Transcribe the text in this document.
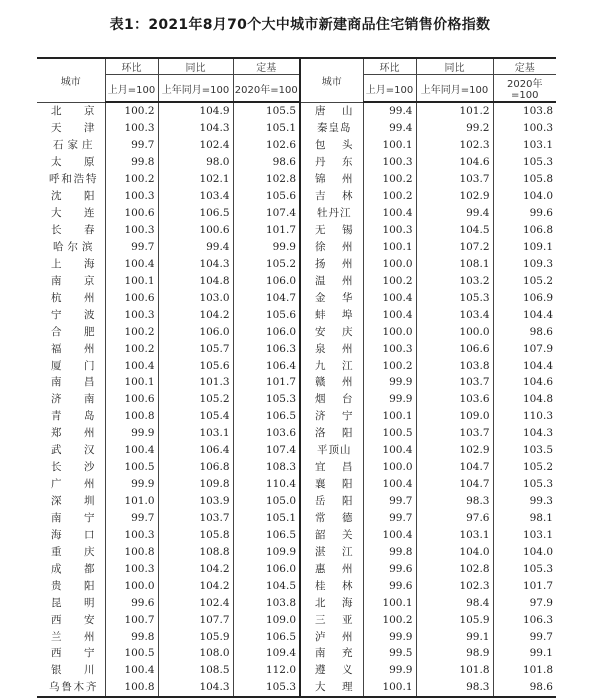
表1：2021年8月70个大中城市新建商品住宅销售价格指数
城市	环比	同比	定基	城市	环比	同比	定基
	上月=100	上年同月=100	2020年=100		上月=100	上年同月=100	2020年=100
北京	100.2	104.9	105.5	唐山	99.4	101.2	103.8
天津	100.3	104.3	105.1	秦皇岛	99.4	99.2	100.3
石家庄	99.7	102.4	102.6	包头	100.1	102.3	103.1
太原	99.8	98.0	98.6	丹东	100.3	104.6	105.3
呼和浩特	100.2	102.1	102.8	锦州	100.2	103.7	105.8
沈阳	100.3	103.4	105.6	吉林	100.2	102.9	104.0
大连	100.6	106.5	107.4	牡丹江	100.4	99.4	99.6
长春	100.3	100.6	101.7	无锡	100.3	104.5	106.8
哈尔滨	99.7	99.4	99.9	徐州	100.1	107.2	109.1
上海	100.4	104.3	105.2	扬州	100.0	108.1	109.3
南京	100.1	104.8	106.0	温州	100.2	103.2	105.2
杭州	100.6	103.0	104.7	金华	100.4	105.3	106.9
宁波	100.3	104.2	105.6	蚌埠	100.4	103.4	104.4
合肥	100.2	106.0	106.0	安庆	100.0	100.0	98.6
福州	100.2	105.7	106.3	泉州	100.3	106.6	107.9
厦门	100.4	105.6	106.4	九江	100.2	103.8	104.4
南昌	100.1	101.3	101.7	赣州	99.9	103.7	104.6
济南	100.6	105.2	105.3	烟台	99.9	103.6	104.8
青岛	100.8	105.4	106.5	济宁	100.1	109.0	110.3
郑州	99.9	103.1	103.6	洛阳	100.5	103.7	104.3
武汉	100.4	106.4	107.4	平顶山	100.4	102.9	103.5
长沙	100.5	106.8	108.3	宜昌	100.0	104.7	105.2
广州	99.9	109.8	110.4	襄阳	100.4	104.7	105.3
深圳	101.0	103.9	105.0	岳阳	99.7	98.3	99.3
南宁	99.7	103.7	105.1	常德	99.7	97.6	98.1
海口	100.3	105.8	106.5	韶关	100.4	103.1	103.1
重庆	100.8	108.8	109.9	湛江	99.8	104.0	104.0
成都	100.3	104.2	106.0	惠州	99.6	102.8	105.3
贵阳	100.0	104.2	104.5	桂林	99.6	102.3	101.7
昆明	99.6	102.4	103.8	北海	100.1	98.4	97.9
西安	100.7	107.7	109.0	三亚	100.2	105.9	106.3
兰州	99.8	105.9	106.5	泸州	99.9	99.1	99.7
西宁	100.5	108.0	109.4	南充	99.5	98.9	99.1
银川	100.4	108.5	112.0	遵义	99.9	101.8	101.8
乌鲁木齐	100.8	104.3	105.3	大理	100.1	98.3	98.6
